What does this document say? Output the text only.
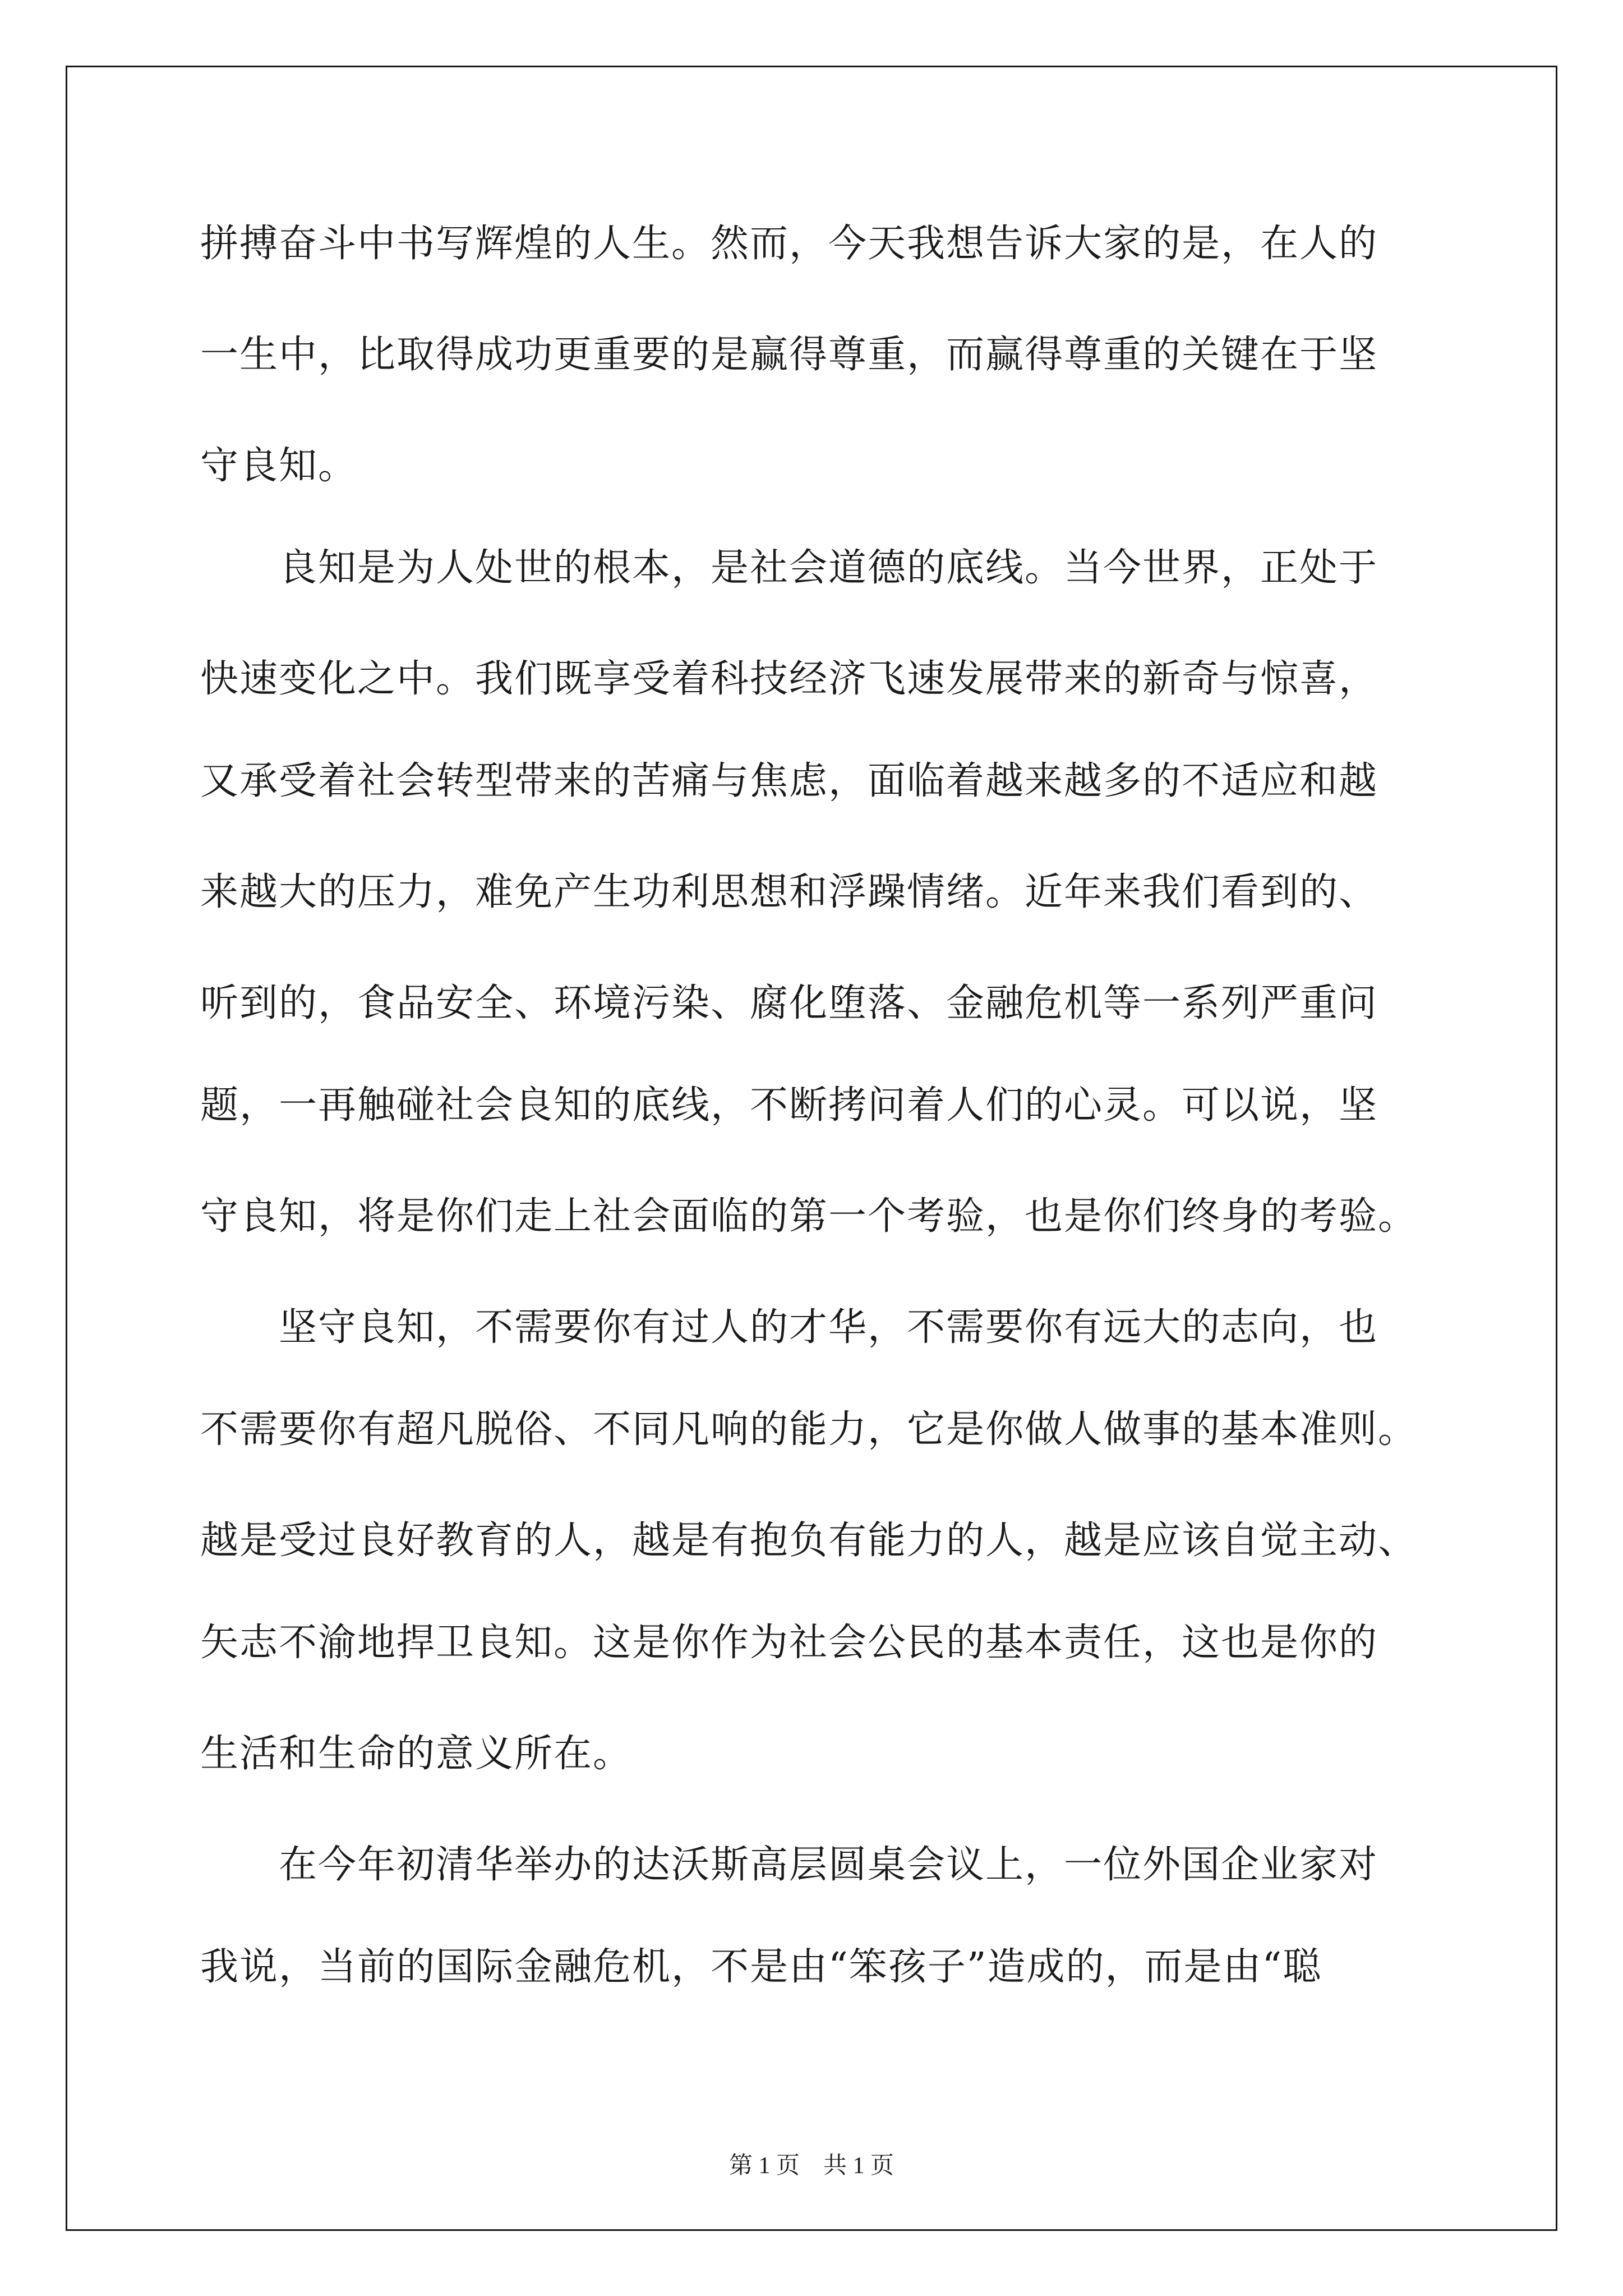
拼搏奋斗中书写辉煌的人生。然而，今天我想告诉大家的是，在人的

一生中，比取得成功更重要的是赢得尊重，而赢得尊重的关键在于坚

守良知。

　　良知是为人处世的根本，是社会道德的底线。当今世界，正处于

快速变化之中。我们既享受着科技经济飞速发展带来的新奇与惊喜，

又承受着社会转型带来的苦痛与焦虑，面临着越来越多的不适应和越

来越大的压力，难免产生功利思想和浮躁情绪。近年来我们看到的、

听到的，食品安全、环境污染、腐化堕落、金融危机等一系列严重问

题，一再触碰社会良知的底线，不断拷问着人们的心灵。可以说，坚

守良知，将是你们走上社会面临的第一个考验，也是你们终身的考验。

　　坚守良知，不需要你有过人的才华，不需要你有远大的志向，也

不需要你有超凡脱俗、不同凡响的能力，它是你做人做事的基本准则。

越是受过良好教育的人，越是有抱负有能力的人，越是应该自觉主动、

矢志不渝地捍卫良知。这是你作为社会公民的基本责任，这也是你的

生活和生命的意义所在。

　　在今年初清华举办的达沃斯高层圆桌会议上，一位外国企业家对

我说，当前的国际金融危机，不是由“笨孩子”造成的，而是由“聪

第 1 页　共 1 页
